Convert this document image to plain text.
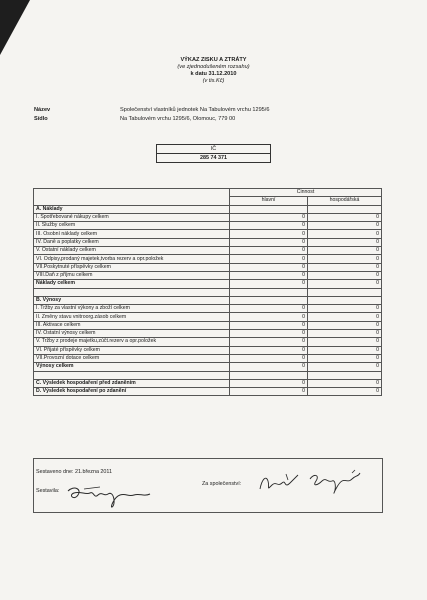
VÝKAZ ZISKU A ZTRÁTY
(ve zjednodušeném rozsahu)
k datu 31.12.2010
(v tis.Kč)
Název	Společenství vlastníků jednotek Na Tabulovém vrchu 1295/6
Sídlo	Na Tabulovém vrchu 1295/6, Olomouc, 779 00
IČ
285 74 371
	Činnost	
	hlavní	hospodářská
A. Náklady		
I. Spotřebované nákupy celkem	0	0
II. Služby celkem	0	0
III. Osobní náklady celkem	0	0
IV. Daně a poplatky celkem	0	0
V. Ostatní náklady celkem	0	0
VI. Odpisy,prodaný majetek,tvorba rezerv a opr.položek	0	0
VII.Poskytnuté příspěvky celkem	0	0
VIII.Daň z příjmu celkem	0	0
Náklady celkem	0	0

B. Výnosy		
I. Tržby za vlastní výkony a zboží celkem	0	0
II. Změny stavu vnitroorg.zásob celkem	0	0
III. Aktivace celkem	0	0
IV. Ostatní výnosy celkem	0	0
V. Tržby z prodeje majetku,zúčt.rezerv a opr.položek	0	0
VI. Přijaté příspěvky celkem	0	0
VII.Provozní dotace celkem	0	0
Výnosy celkem	0	0

C. Výsledek hospodaření před zdaněním	0	0
D. Výsledek hospodaření po zdanění	0	0
Sestaveno dne: 21.března 2011
Sestavila:
Za společenství:
